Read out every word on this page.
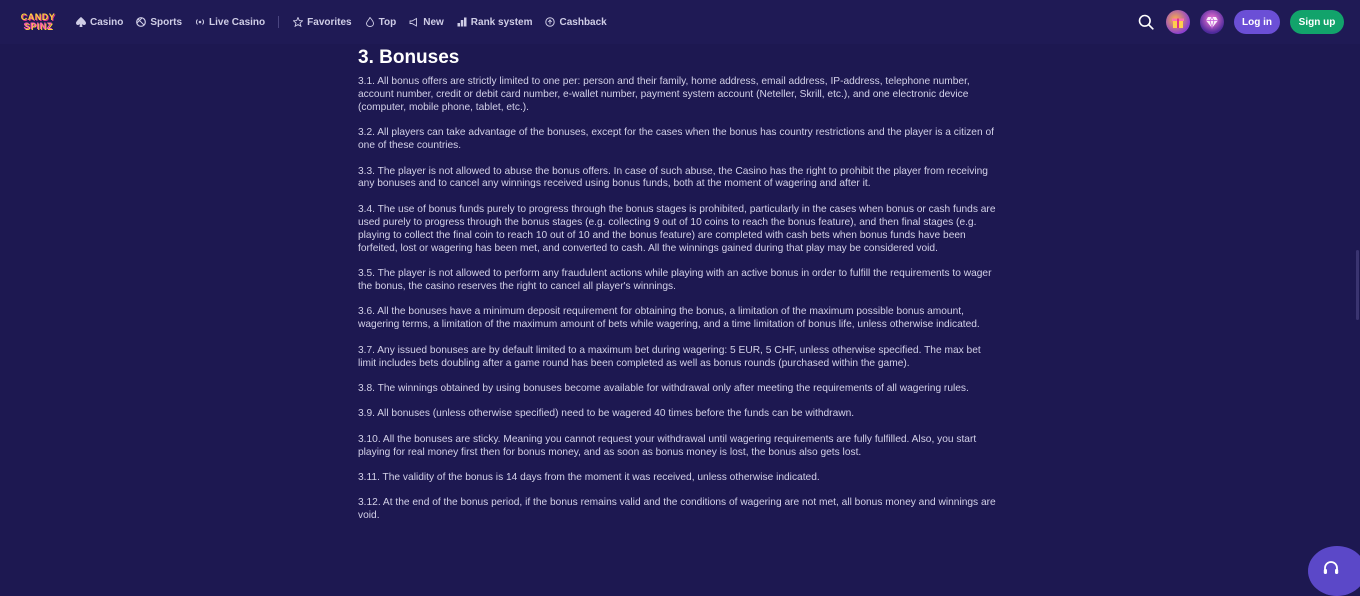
CANDY
SPINZ	Casino	Sports	Live Casino	Favorites	Top	New	Rank system	Cashback	Log in	Sign up
3. Bonuses

3.1. All bonus offers are strictly limited to one per: person and their family, home address, email address, IP-address, telephone number, account number, credit or debit card number, e-wallet number, payment system account (Neteller, Skrill, etc.), and one electronic device (computer, mobile phone, tablet, etc.).

3.2. All players can take advantage of the bonuses, except for the cases when the bonus has country restrictions and the player is a citizen of one of these countries.

3.3. The player is not allowed to abuse the bonus offers. In case of such abuse, the Casino has the right to prohibit the player from receiving any bonuses and to cancel any winnings received using bonus funds, both at the moment of wagering and after it.

3.4. The use of bonus funds purely to progress through the bonus stages is prohibited, particularly in the cases when bonus or cash funds are used purely to progress through the bonus stages (e.g. collecting 9 out of 10 coins to reach the bonus feature), and then final stages (e.g. playing to collect the final coin to reach 10 out of 10 and the bonus feature) are completed with cash bets when bonus funds have been forfeited, lost or wagering has been met, and converted to cash. All the winnings gained during that play may be considered void.

3.5. The player is not allowed to perform any fraudulent actions while playing with an active bonus in order to fulfill the requirements to wager the bonus, the casino reserves the right to cancel all player's winnings.

3.6. All the bonuses have a minimum deposit requirement for obtaining the bonus, a limitation of the maximum possible bonus amount, wagering terms, a limitation of the maximum amount of bets while wagering, and a time limitation of bonus life, unless otherwise indicated.

3.7. Any issued bonuses are by default limited to a maximum bet during wagering: 5 EUR, 5 CHF, unless otherwise specified. The max bet limit includes bets doubling after a game round has been completed as well as bonus rounds (purchased within the game).

3.8. The winnings obtained by using bonuses become available for withdrawal only after meeting the requirements of all wagering rules.

3.9. All bonuses (unless otherwise specified) need to be wagered 40 times before the funds can be withdrawn.

3.10. All the bonuses are sticky. Meaning you cannot request your withdrawal until wagering requirements are fully fulfilled. Also, you start playing for real money first then for bonus money, and as soon as bonus money is lost, the bonus also gets lost.

3.11. The validity of the bonus is 14 days from the moment it was received, unless otherwise indicated.

3.12. At the end of the bonus period, if the bonus remains valid and the conditions of wagering are not met, all bonus money and winnings are void.
